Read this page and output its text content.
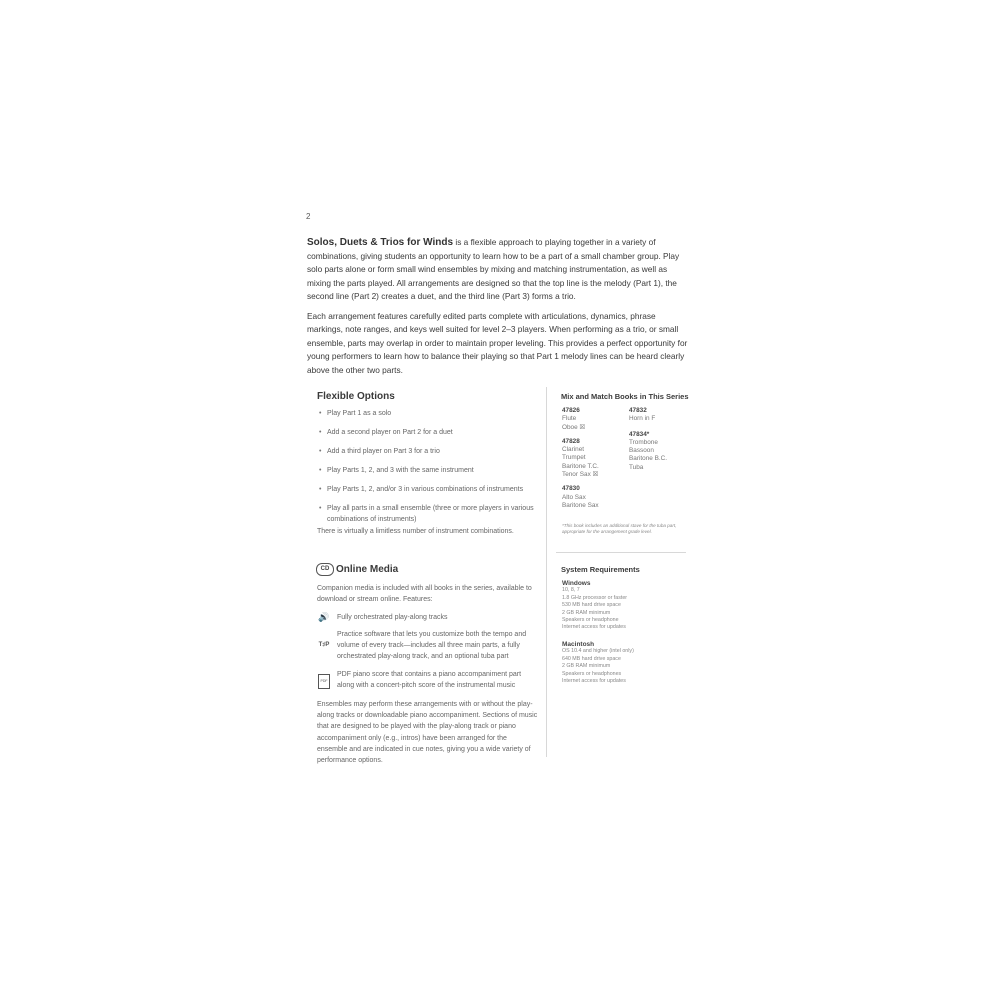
2

Solos, Duets & Trios for Winds is a flexible approach to playing together in a variety of combinations, giving students an opportunity to learn how to be a part of a small chamber group. Play solo parts alone or form small wind ensembles by mixing and matching instrumentation, as well as mixing the parts played. All arrangements are designed so that the top line is the melody (Part 1), the second line (Part 2) creates a duet, and the third line (Part 3) forms a trio.

Each arrangement features carefully edited parts complete with articulations, dynamics, phrase markings, note ranges, and keys well suited for level 2–3 players. When performing as a trio, or small ensemble, parts may overlap in order to maintain proper leveling. This provides a perfect opportunity for young performers to learn how to balance their playing so that Part 1 melody lines can be heard clearly above the other two parts.

Flexible Options
• Play Part 1 as a solo
• Add a second player on Part 2 for a duet
• Add a third player on Part 3 for a trio
• Play Parts 1, 2, and 3 with the same instrument
• Play Parts 1, 2, and/or 3 in various combinations of instruments
• Play all parts in a small ensemble (three or more players in various combinations of instruments)
There is virtually a limitless number of instrument combinations.
CD Online Media
Companion media is included with all books in the series, available to download or stream online. Features:
🔊 Fully orchestrated play-along tracks
T♯P
Practice software that lets you customize both the tempo and volume of every track—includes all three main parts, a fully orchestrated play-along track, and an optional tuba part
PDF
PDF piano score that contains a piano accompaniment part along with a concert-pitch score of the instrumental music
Ensembles may perform these arrangements with or without the play-along tracks or downloadable piano accompaniment. Sections of music that are designed to be played with the play-along track or piano accompaniment only (e.g., intros) have been arranged for the ensemble and are indicated in cue notes, giving you a wide variety of performance options.
Mix and Match Books in This Series
47826
Flute
Oboe ☒
47828
Clarinet
Trumpet
Baritone T.C.
Tenor Sax ☒
47830
Alto Sax
Baritone Sax
47832
Horn in F
47834*
Trombone
Bassoon
Baritone B.C.
Tuba
*This book includes an additional stave for the tuba part, appropriate for the arrangement grade level.
System Requirements
Windows
10, 8, 7
1.8 GHz processor or faster
530 MB hard drive space
2 GB RAM minimum
Speakers or headphone
Internet access for updates
Macintosh
OS 10.4 and higher (intel only)
640 MB hard drive space
2 GB RAM minimum
Speakers or headphones
Internet access for updates
